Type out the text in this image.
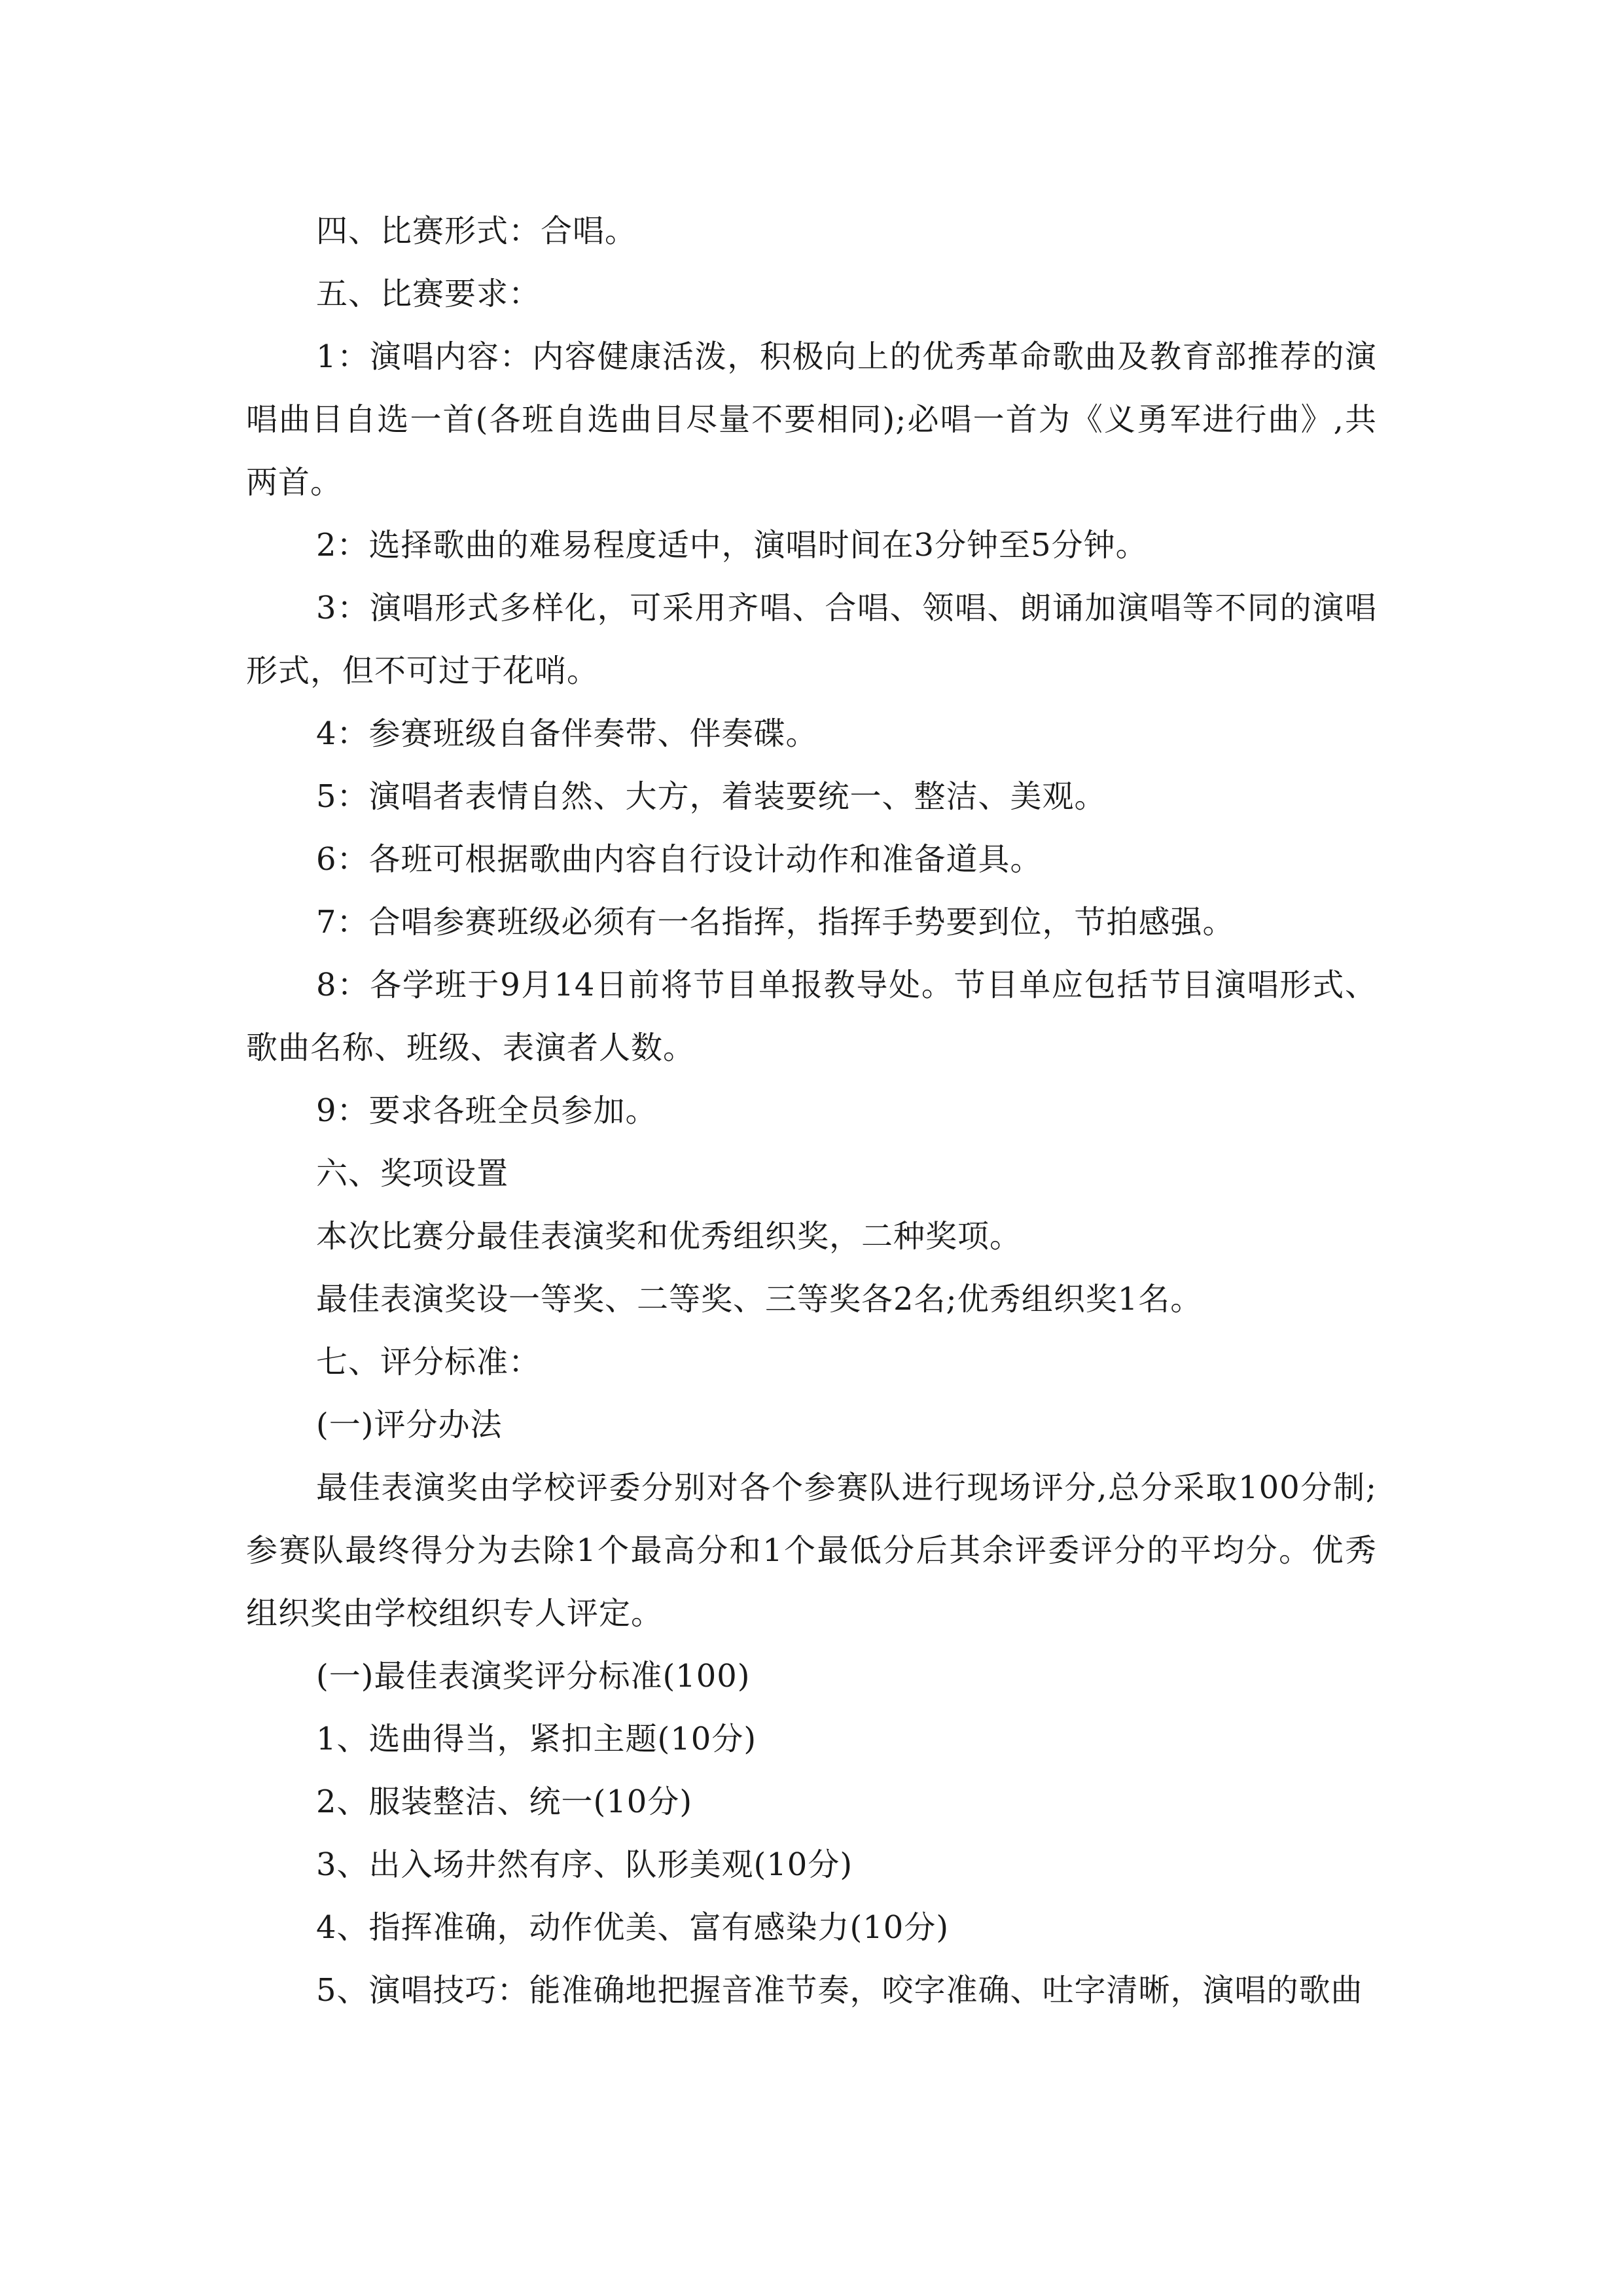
四、比赛形式：合唱。

五、比赛要求：

1：演唱内容：内容健康活泼，积极向上的优秀革命歌曲及教育部推荐的演唱曲目自选一首(各班自选曲目尽量不要相同);必唱一首为《义勇军进行曲》,共两首。

2：选择歌曲的难易程度适中，演唱时间在3分钟至5分钟。

3：演唱形式多样化，可采用齐唱、合唱、领唱、朗诵加演唱等不同的演唱形式，但不可过于花哨。

4：参赛班级自备伴奏带、伴奏碟。

5：演唱者表情自然、大方，着装要统一、整洁、美观。

6：各班可根据歌曲内容自行设计动作和准备道具。

7：合唱参赛班级必须有一名指挥，指挥手势要到位，节拍感强。

8：各学班于9月14日前将节目单报教导处。节目单应包括节目演唱形式、歌曲名称、班级、表演者人数。

9：要求各班全员参加。

六、奖项设置

本次比赛分最佳表演奖和优秀组织奖，二种奖项。

最佳表演奖设一等奖、二等奖、三等奖各2名;优秀组织奖1名。

七、评分标准：

(一)评分办法

最佳表演奖由学校评委分别对各个参赛队进行现场评分,总分采取100分制;参赛队最终得分为去除1个最高分和1个最低分后其余评委评分的平均分。优秀组织奖由学校组织专人评定。

(一)最佳表演奖评分标准(100)

1、选曲得当，紧扣主题(10分)

2、服装整洁、统一(10分)

3、出入场井然有序、队形美观(10分)

4、指挥准确，动作优美、富有感染力(10分)

5、演唱技巧：能准确地把握音准节奏，咬字准确、吐字清晰，演唱的歌曲
